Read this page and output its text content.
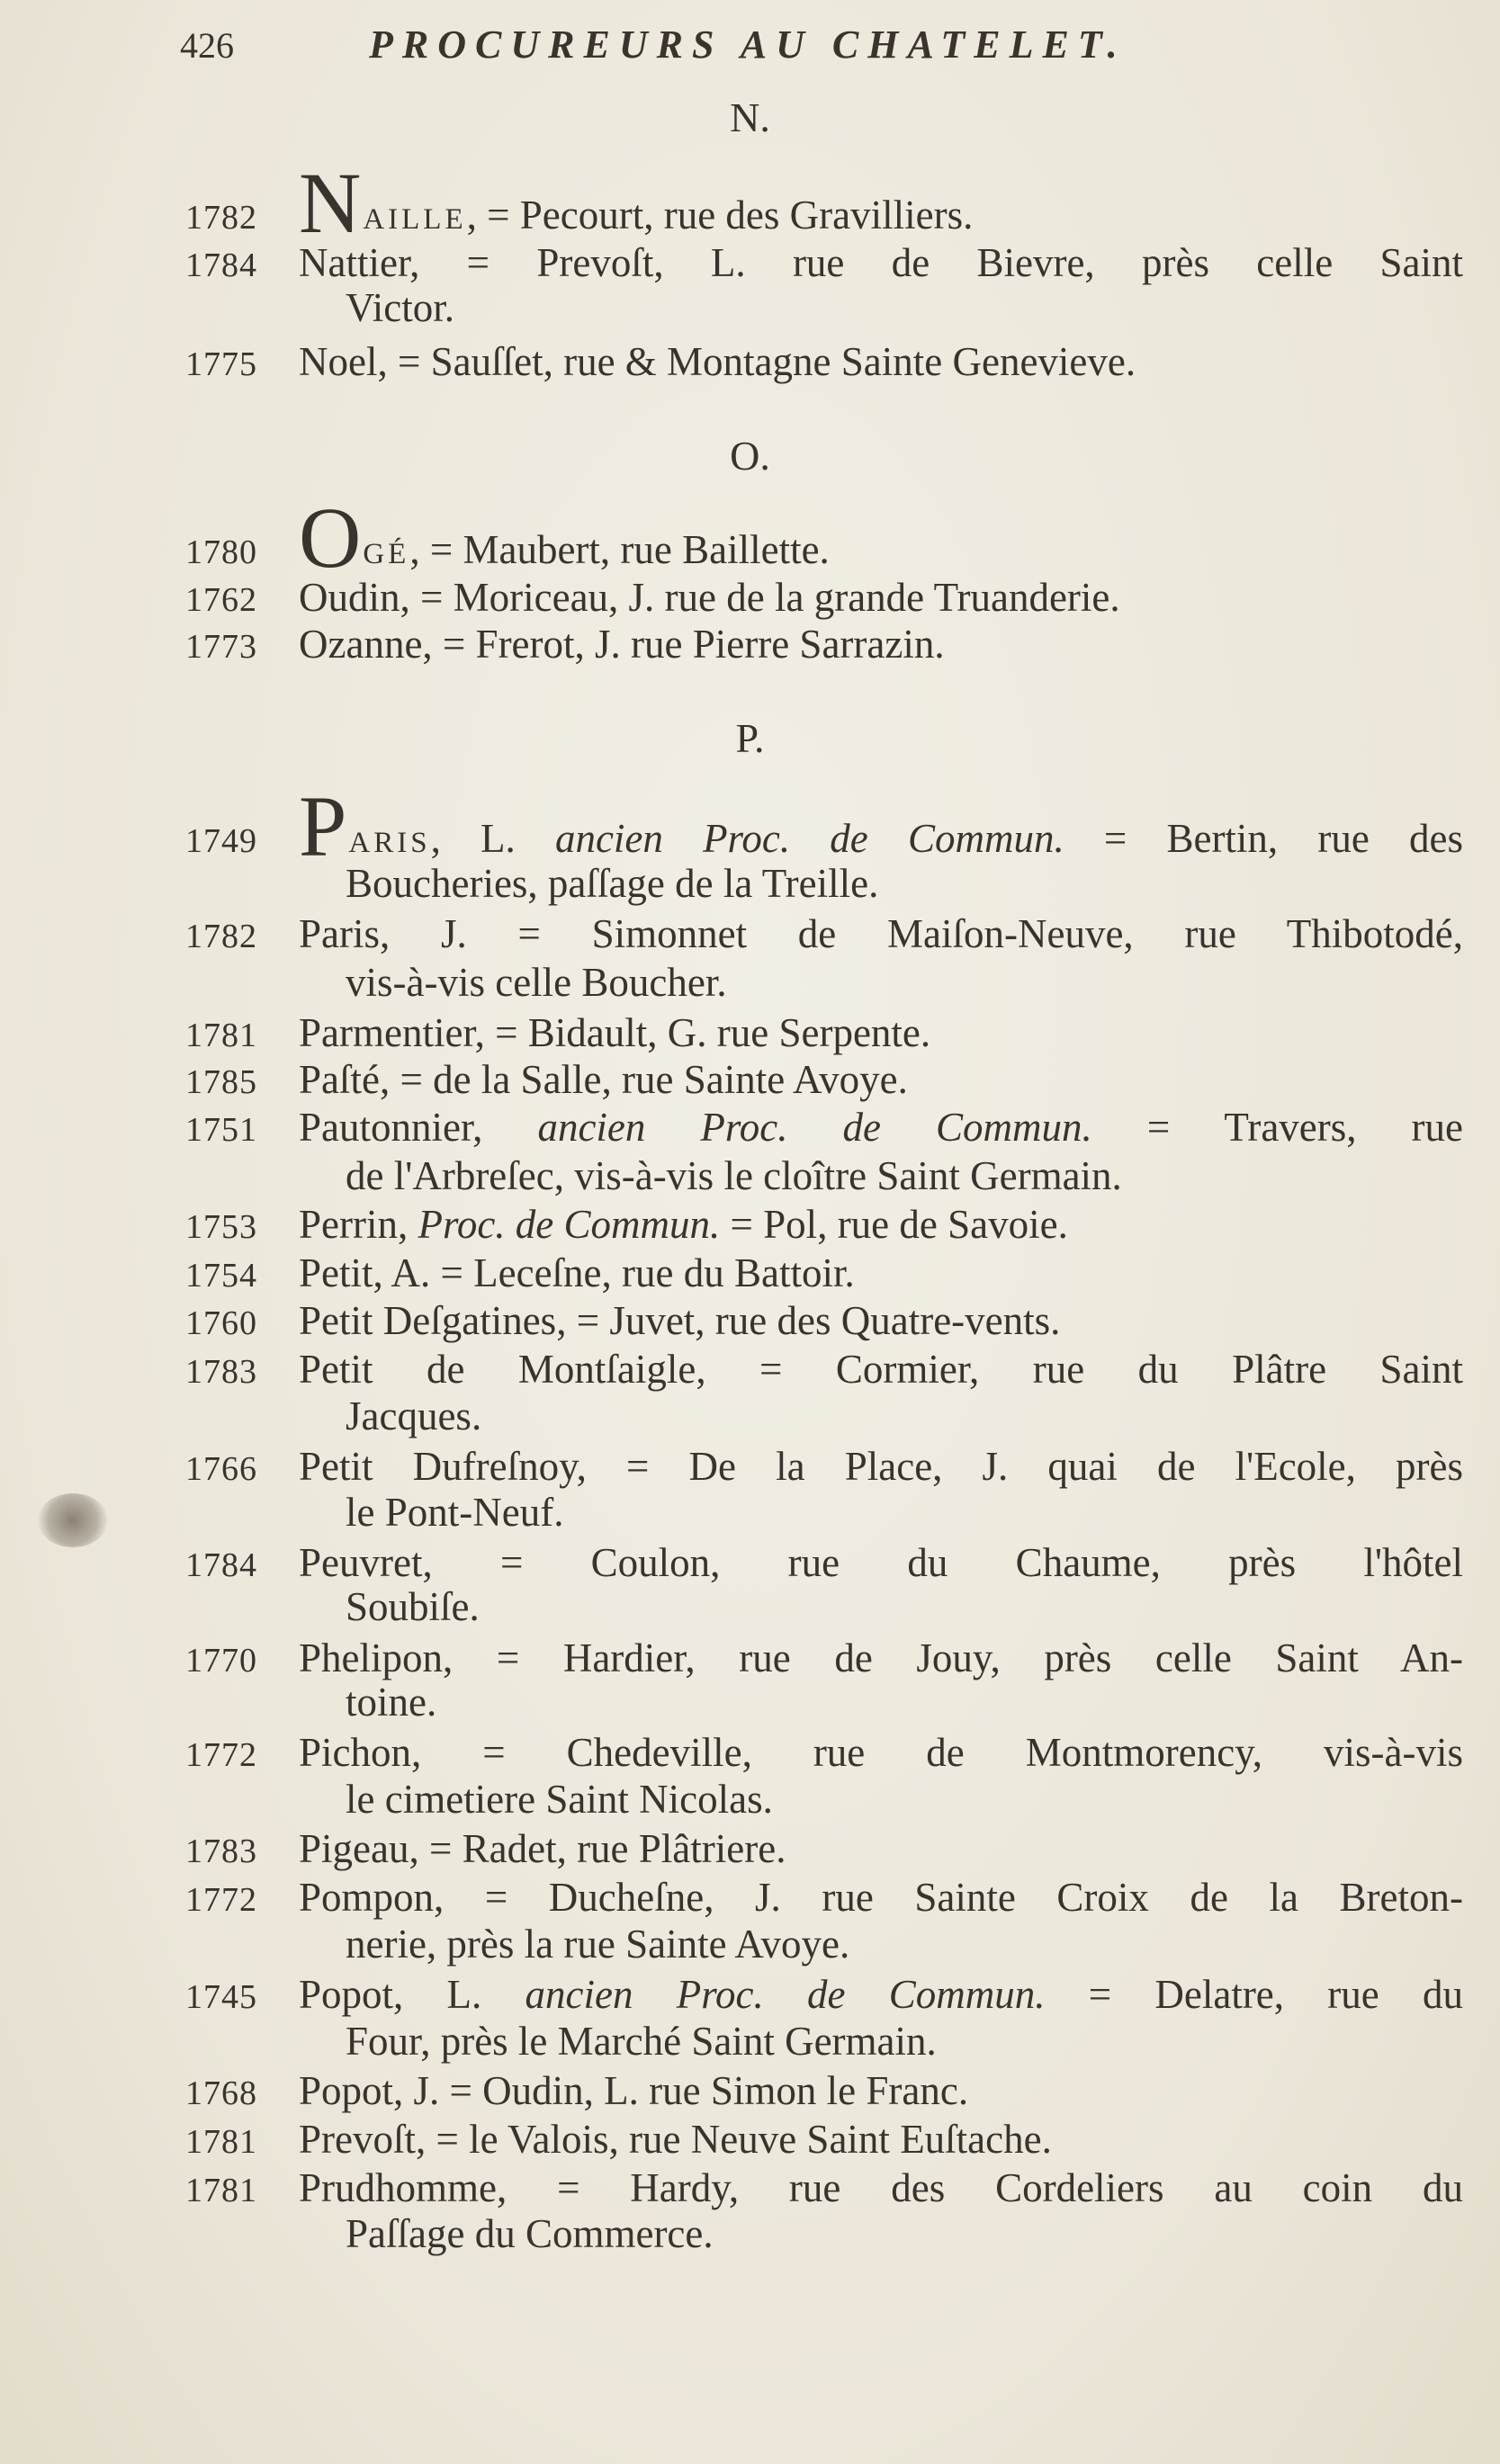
426	PROCUREURS AU CHATELET.
N.
1782 NAILLE, = Pecourt, rue des Gravilliers.
1784 Nattier, = Prevoſt, L. rue de Bievre, près celle Saint
Victor.
1775 Noel, = Sauſſet, rue & Montagne Sainte Genevieve.
O.
1780 OGÉ, = Maubert, rue Baillette.
1762 Oudin, = Moriceau, J. rue de la grande Truanderie.
1773 Ozanne, = Frerot, J. rue Pierre Sarrazin.
P.
1749 PARIS, L. ancien Proc. de Commun. = Bertin, rue des
Boucheries, paſſage de la Treille.
1782 Paris, J. = Simonnet de Maiſon-Neuve, rue Thibotodé,
vis-à-vis celle Boucher.
1781 Parmentier, = Bidault, G. rue Serpente.
1785 Paſté, = de la Salle, rue Sainte Avoye.
1751 Pautonnier, ancien Proc. de Commun. = Travers, rue
de l'Arbreſec, vis-à-vis le cloître Saint Germain.
1753 Perrin, Proc. de Commun. = Pol, rue de Savoie.
1754 Petit, A. = Leceſne, rue du Battoir.
1760 Petit Deſgatines, = Juvet, rue des Quatre-vents.
1783 Petit de Montſaigle, = Cormier, rue du Plâtre Saint
Jacques.
1766 Petit Dufreſnoy, = De la Place, J. quai de l'Ecole, près
le Pont-Neuf.
1784 Peuvret, = Coulon, rue du Chaume, près l'hôtel
Soubiſe.
1770 Phelipon, = Hardier, rue de Jouy, près celle Saint An-
toine.
1772 Pichon, = Chedeville, rue de Montmorency, vis-à-vis
le cimetiere Saint Nicolas.
1783 Pigeau, = Radet, rue Plâtriere.
1772 Pompon, = Ducheſne, J. rue Sainte Croix de la Breton-
nerie, près la rue Sainte Avoye.
1745 Popot, L. ancien Proc. de Commun. = Delatre, rue du
Four, près le Marché Saint Germain.
1768 Popot, J. = Oudin, L. rue Simon le Franc.
1781 Prevoſt, = le Valois, rue Neuve Saint Euſtache.
1781 Prudhomme, = Hardy, rue des Cordeliers au coin du
Paſſage du Commerce.
